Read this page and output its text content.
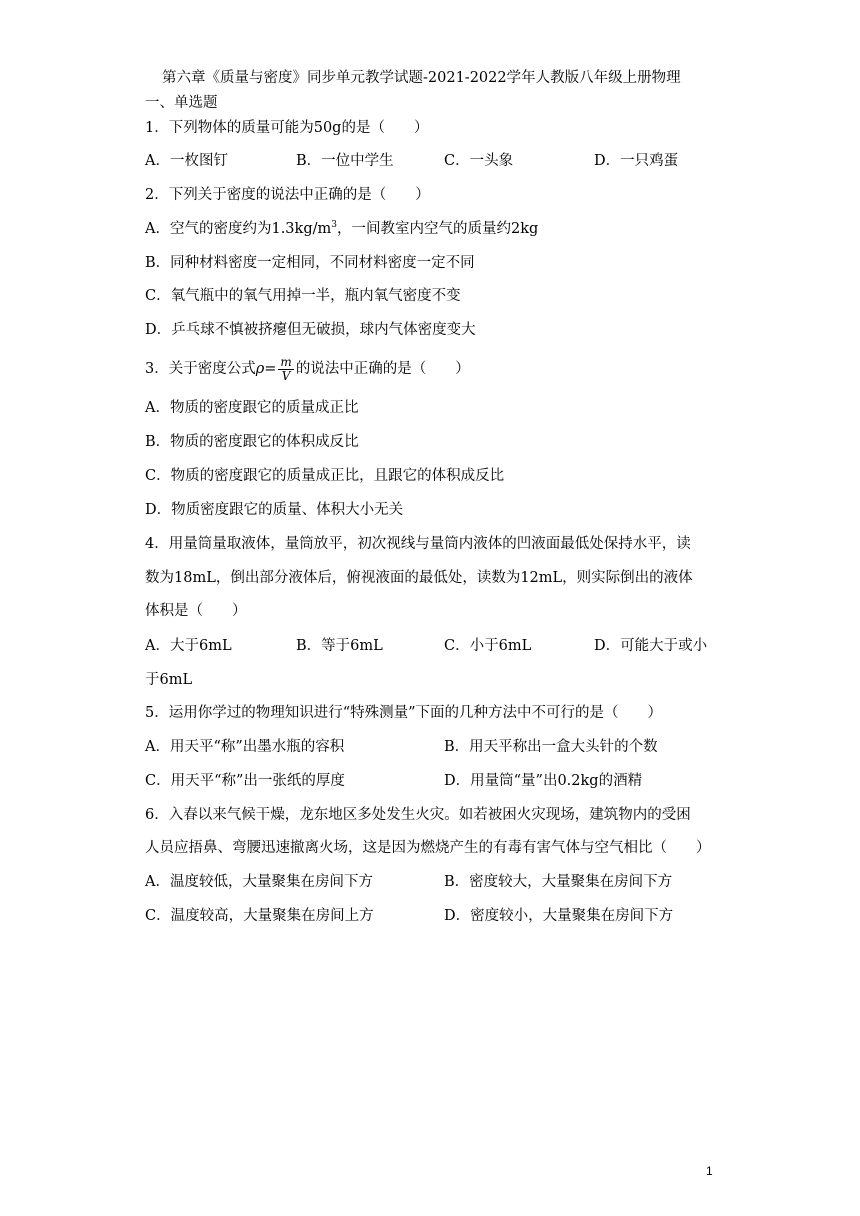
第六章《质量与密度》同步单元教学试题-2021-2022学年人教版八年级上册物理
一、单选题
1．下列物体的质量可能为50g的是（　　）
A．一枚图钉	B．一位中学生	C．一头象	D．一只鸡蛋
2．下列关于密度的说法中正确的是（　　）
A．空气的密度约为$1.3kg/m^3$，一间教室内空气的质量约2kg
B．同种材料密度一定相同，不同材料密度一定不同
C．氧气瓶中的氧气用掉一半，瓶内氧气密度不变
D．乒乓球不慎被挤瘪但无破损，球内气体密度变大
3．关于密度公式$\rho= \frac{m}{V}$ 的说法中正确的是（　　）
A．物质的密度跟它的质量成正比
B．物质的密度跟它的体积成反比
C．物质的密度跟它的质量成正比，且跟它的体积成反比
D．物质密度跟它的质量、体积大小无关
4．用量筒量取液体，量筒放平，初次视线与量筒内液体的凹液面最低处保持水平，读
数为18mL，倒出部分液体后，俯视液面的最低处，读数为12mL，则实际倒出的液体
体积是（　　）
A．大于6mL	B．等于6mL	C．小于6mL	D．可能大于或小
于6mL
5．运用你学过的物理知识进行“特殊测量”下面的几种方法中不可行的是（　　）
A．用天平“称”出墨水瓶的容积	B．用天平称出一盒大头针的个数
C．用天平“称”出一张纸的厚度	D．用量筒“量”出0.2kg的酒精
6．入春以来气候干燥，龙东地区多处发生火灾。如若被困火灾现场，建筑物内的受困
人员应捂鼻、弯腰迅速撤离火场，这是因为燃烧产生的有毒有害气体与空气相比（　　）
A．温度较低，大量聚集在房间下方	B．密度较大，大量聚集在房间下方
C．温度较高，大量聚集在房间上方	D．密度较小，大量聚集在房间下方
1
